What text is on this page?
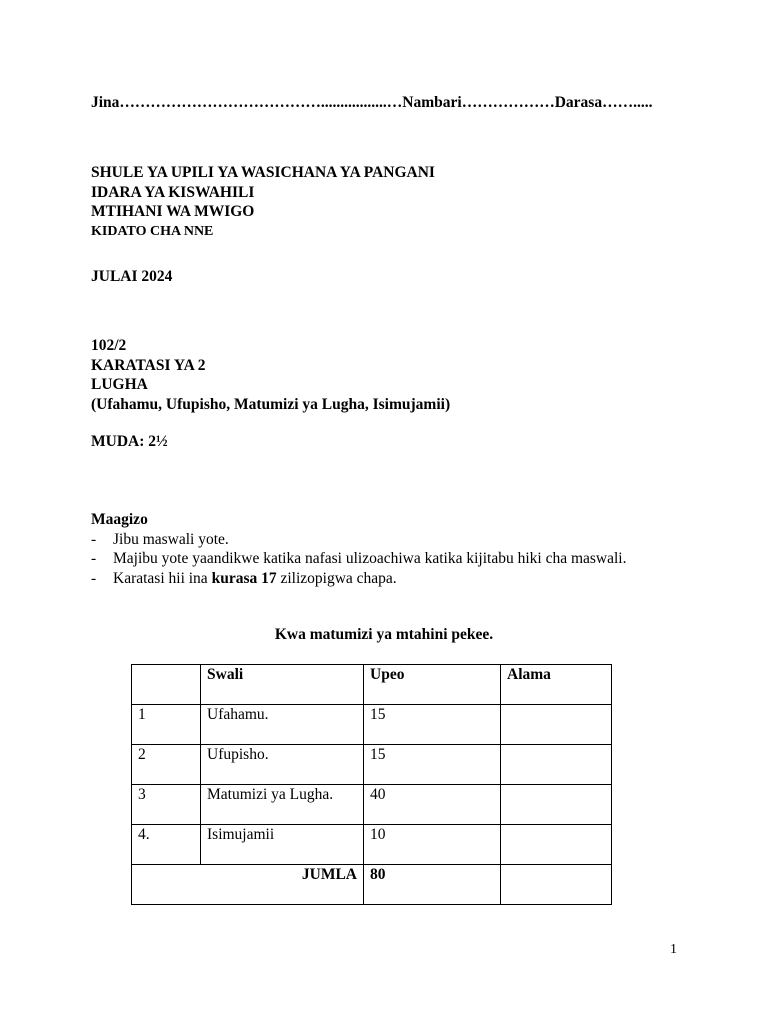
Jina………………………………….................…Nambari………………Darasa…….....
SHULE YA UPILI YA WASICHANA YA PANGANI
IDARA YA KISWAHILI
MTIHANI WA MWIGO
KIDATO CHA NNE
JULAI 2024
102/2
KARATASI YA 2
LUGHA
(Ufahamu, Ufupisho, Matumizi ya Lugha, Isimujamii)
MUDA: 2½
Maagizo
-	Jibu maswali yote.
-	Majibu yote yaandikwe katika nafasi ulizoachiwa katika kijitabu hiki cha maswali.
-	Karatasi hii ina kurasa 17 zilizopigwa chapa.
Kwa matumizi ya mtahini pekee.
	Swali	Upeo	Alama
1	Ufahamu.	15	
2	Ufupisho.	15	
3	Matumizi ya Lugha.	40	
4.	Isimujamii	10	
JUMLA		80	
1
